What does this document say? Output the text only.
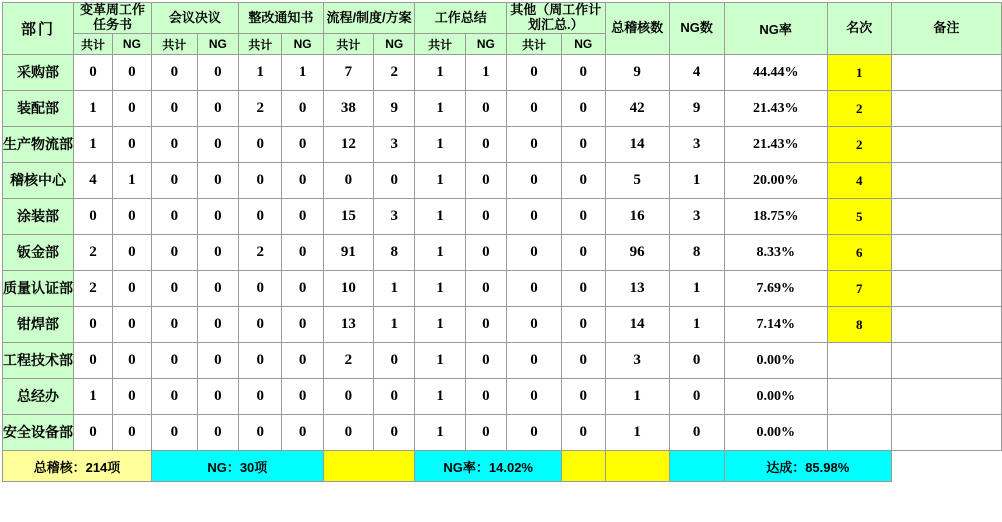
部门	变革周工作任务书		会议决议		整改通知书		流程/制度/方案		工作总结		其他（周工作计划汇总.）		总稽核数	NG数	NG率	名次	备注
	共计	NG	共计	NG	共计	NG	共计	NG	共计	NG	共计	NG					
采购部	0	0	0	0	1	1	7	2	1	1	0	0	9	4	44.44%	1	
装配部	1	0	0	0	2	0	38	9	1	0	0	0	42	9	21.43%	2	
生产物流部	1	0	0	0	0	0	12	3	1	0	0	0	14	3	21.43%	2	
稽核中心	4	1	0	0	0	0	0	0	1	0	0	0	5	1	20.00%	4	
涂装部	0	0	0	0	0	0	15	3	1	0	0	0	16	3	18.75%	5	
钣金部	2	0	0	0	2	0	91	8	1	0	0	0	96	8	8.33%	6	
质量认证部	2	0	0	0	0	0	10	1	1	0	0	0	13	1	7.69%	7	
钳焊部	0	0	0	0	0	0	13	1	1	0	0	0	14	1	7.14%	8	
工程技术部	0	0	0	0	0	0	2	0	1	0	0	0	3	0	0.00%		
总经办	1	0	0	0	0	0	0	0	1	0	0	0	1	0	0.00%		
安全设备部	0	0	0	0	0	0	0	0	1	0	0	0	1	0	0.00%		
总稽核：214项			NG：30项						NG率：14.02%						达成：85.98%		
